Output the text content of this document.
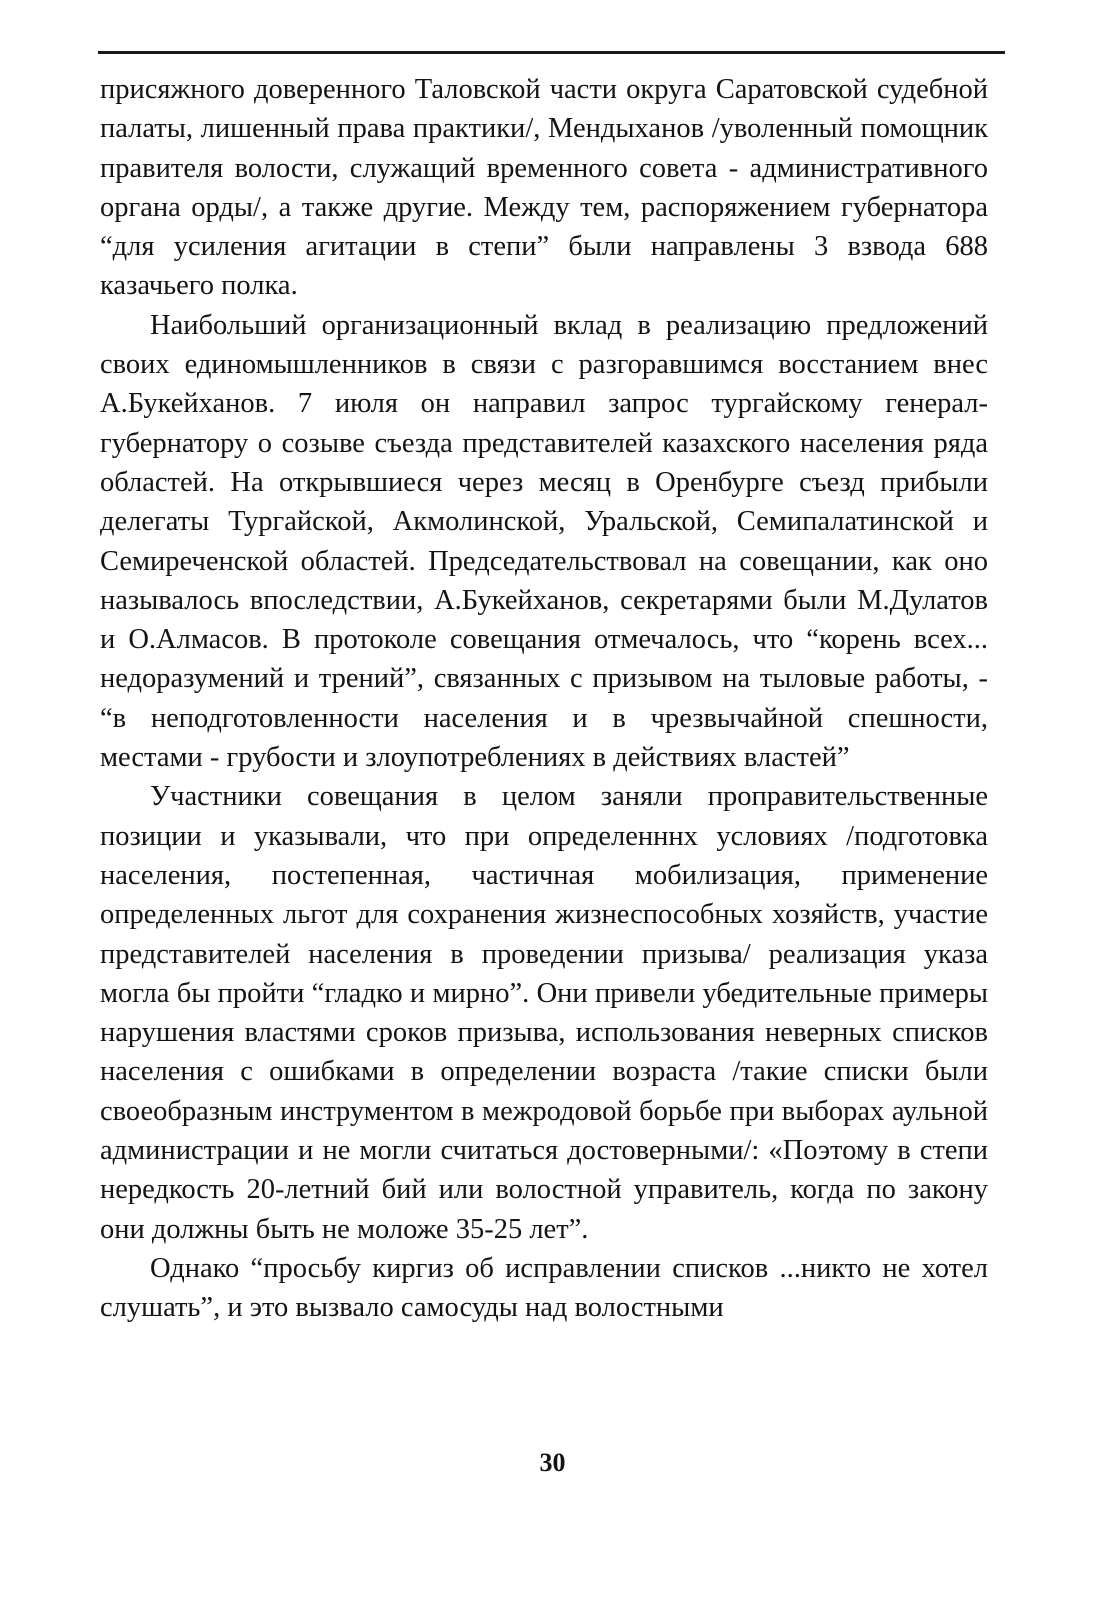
присяжного доверенного Таловской части округа Саратовской судебной палаты, лишенный права практики/, Мендыханов /уволенный помощник правителя волости, служащий временного совета - административного органа орды/, а также другие. Между тем, распоряжением губернатора “для усиления агитации в степи” были направлены 3 взвода 688 казачьего полка.

Наибольший организационный вклад в реализацию предложений своих единомышленников в связи с разгоравшимся восстанием внес А.Букейханов. 7 июля он направил запрос тургайскому генерал-губернатору о созыве съезда представителей казахского населения ряда областей. На открывшиеся через месяц в Оренбурге съезд прибыли делегаты Тургайской, Акмолинской, Уральской, Семипалатинской и Семиреченской областей. Председательствовал на совещании, как оно называлось впоследствии, А.Букейханов, секретарями были М.Дулатов и О.Алмасов. В протоколе совещания отмечалось, что “корень всех... недоразумений и трений”, связанных с призывом на тыловые работы, - “в неподготовленности населения и в чрезвычайной спешности, местами - грубости и злоупотреблениях в действиях властей”

Участники совещания в целом заняли проправительственные позиции и указывали, что при определенннх условиях /подготовка населения, постепенная, частичная мобилизация, применение определенных льгот для сохранения жизнеспособных хозяйств, участие представителей населения в проведении призыва/ реализация указа могла бы пройти “гладко и мирно”. Они привели убедительные примеры нарушения властями сроков призыва, использования неверных списков населения с ошибками в определении возраста /такие списки были своеобразным инструментом в межродовой борьбе при выборах аульной администрации и не могли считаться достоверными/: «Поэтому в степи нередкость 20-летний бий или волостной управитель, когда по закону они должны быть не моложе 35-25 лет”.

Однако “просьбу киргиз об исправлении списков ...никто не хотел слушать”, и это вызвало самосуды над волостными

30
